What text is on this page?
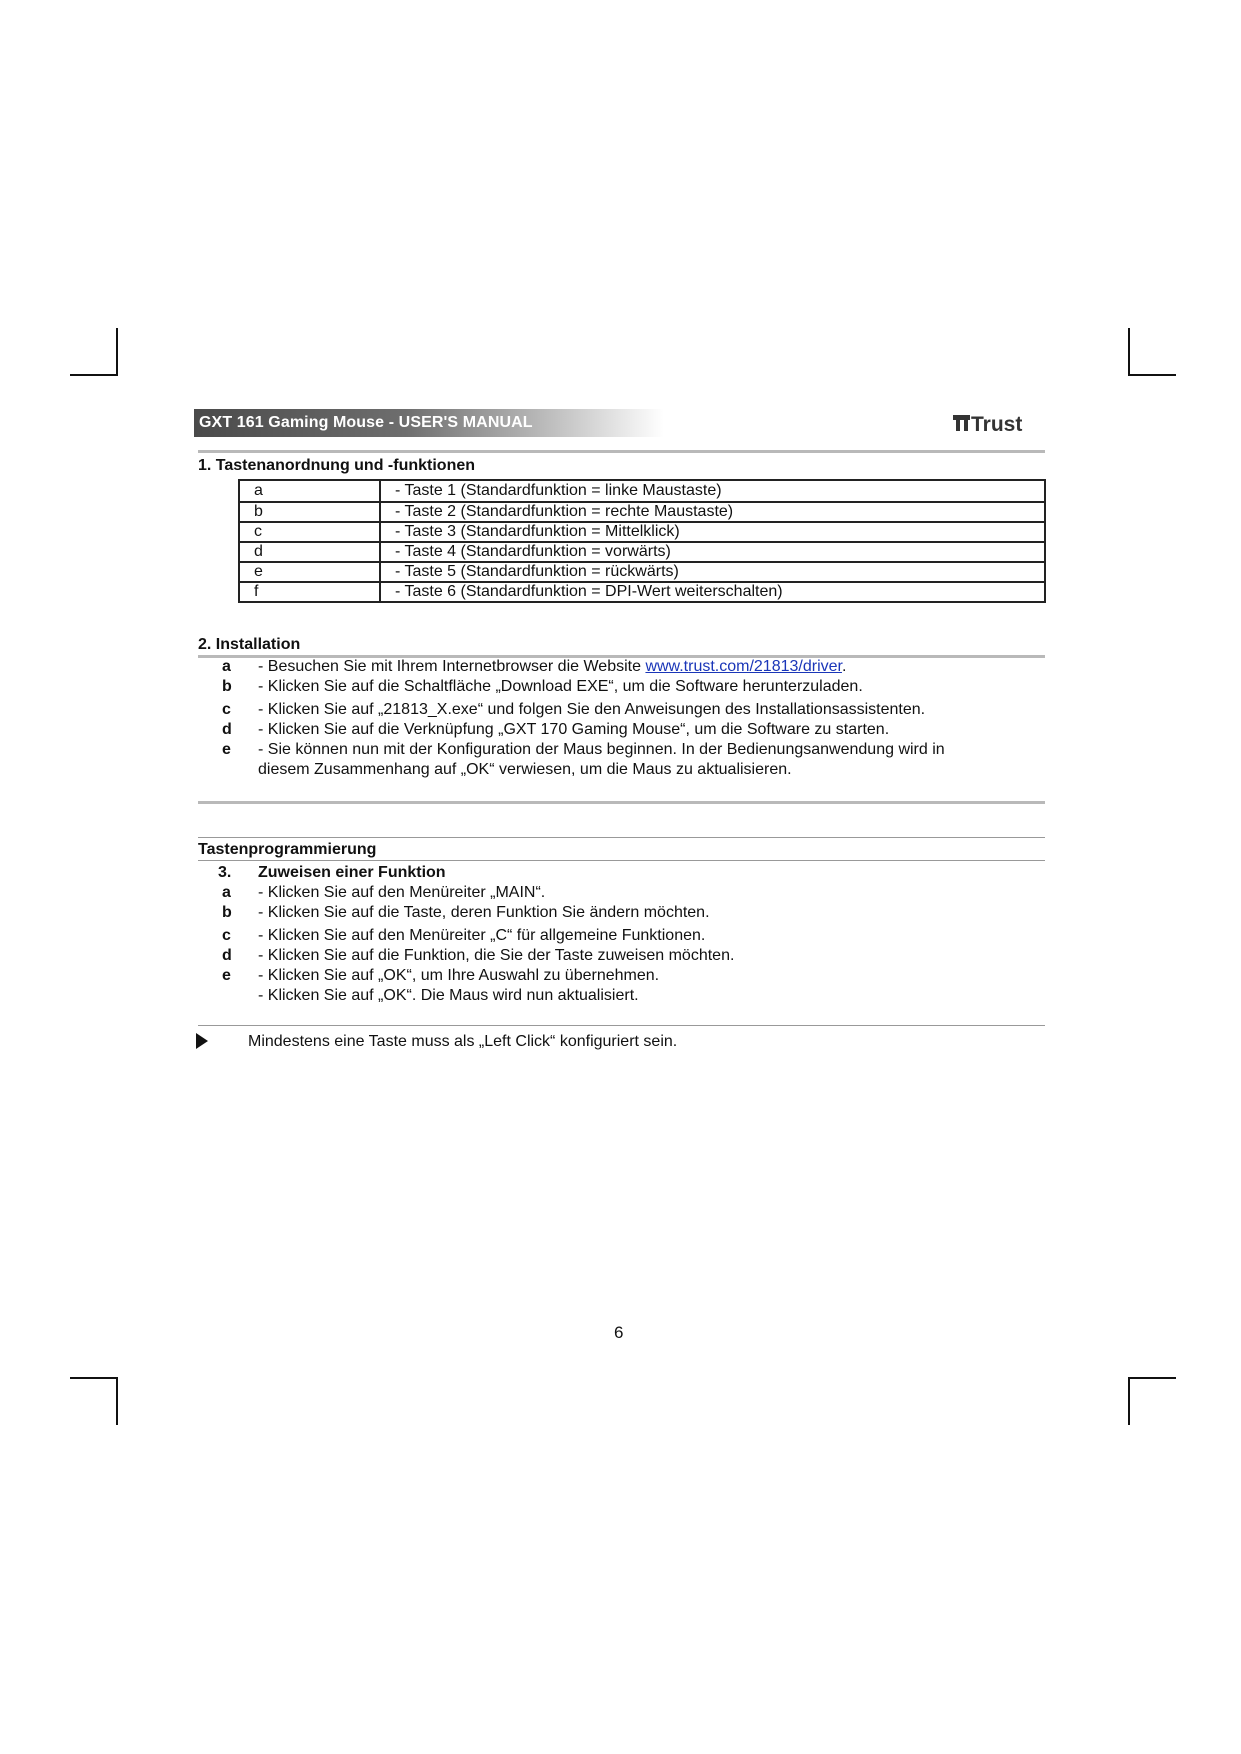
GXT 161 Gaming Mouse - USER'S MANUAL	Trust
1. Tastenanordnung und -funktionen
a	- Taste 1 (Standardfunktion = linke Maustaste)
b	- Taste 2 (Standardfunktion = rechte Maustaste)
c	- Taste 3 (Standardfunktion = Mittelklick)
d	- Taste 4 (Standardfunktion = vorwärts)
e	- Taste 5 (Standardfunktion = rückwärts)
f	- Taste 6 (Standardfunktion = DPI-Wert weiterschalten)
2. Installation
a - Besuchen Sie mit Ihrem Internetbrowser die Website www.trust.com/21813/driver.
b - Klicken Sie auf die Schaltfläche „Download EXE“, um die Software herunterzuladen.
c - Klicken Sie auf „21813_X.exe“ und folgen Sie den Anweisungen des Installationsassistenten.
d - Klicken Sie auf die Verknüpfung „GXT 170 Gaming Mouse“, um die Software zu starten.
e - Sie können nun mit der Konfiguration der Maus beginnen. In der Bedienungsanwendung wird in
diesem Zusammenhang auf „OK“ verwiesen, um die Maus zu aktualisieren.
Tastenprogrammierung
3. Zuweisen einer Funktion
a - Klicken Sie auf den Menüreiter „MAIN“.
b - Klicken Sie auf die Taste, deren Funktion Sie ändern möchten.
c - Klicken Sie auf den Menüreiter „C“ für allgemeine Funktionen.
d - Klicken Sie auf die Funktion, die Sie der Taste zuweisen möchten.
e - Klicken Sie auf „OK“, um Ihre Auswahl zu übernehmen.
- Klicken Sie auf „OK“. Die Maus wird nun aktualisiert.
Mindestens eine Taste muss als „Left Click“ konfiguriert sein.
6
